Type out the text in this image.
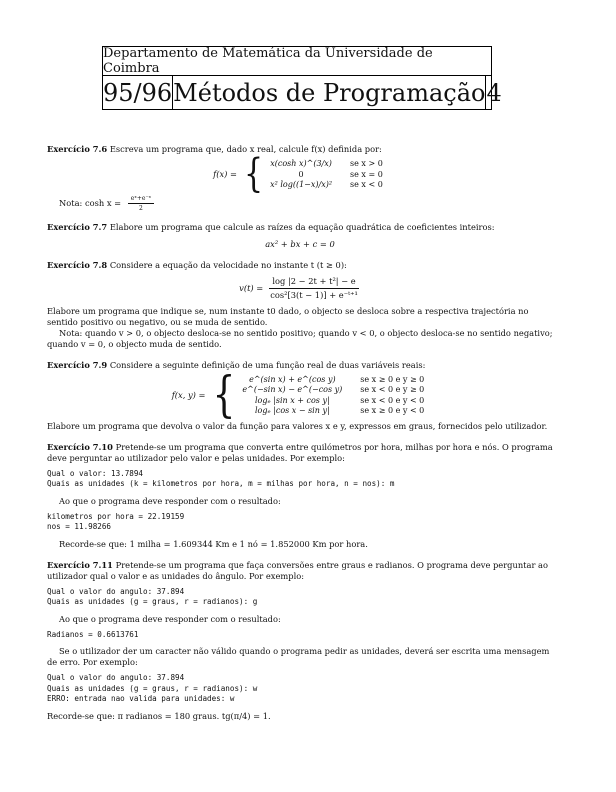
Departamento de Matemática da Universidade de Coimbra
95/96 Métodos de Programação 4

Exercício 7.6 Escreva um programa que, dado x real, calcule f(x) definida por:

f(x) = { x(cosh x)^(3/x)	se x > 0
0	se x = 0
x² log((1−x)/x)²	se x < 0

Nota: $\cosh x = \frac{\text{eˣ+e⁻ˣ}}{2}$

Exercício 7.7 Elabore um programa que calcule as raízes da equação quadrática de coeficientes inteiros:

ax² + bx + c = 0

Exercício 7.8 Considere a equação da velocidade no instante t (t ≥ 0):

$v(t) = \frac{\text{log |2 − 2t + t²| − e}}{\text{cos²[3(t − 1)] + e⁻ᵗ⁺¹}}$

Elabore um programa que indique se, num instante t0 dado, o objecto se desloca sobre a respectiva trajectória no sentido positivo ou negativo, ou se muda de sentido.

Nota: quando v > 0, o objecto desloca-se no sentido positivo; quando v < 0, o objecto desloca-se no sentido negativo; quando v = 0, o objecto muda de sentido.

Exercício 7.9 Considere a seguinte definição de uma função real de duas variáveis reais:

f(x, y) = { e^(sin x) + e^(cos y)	se x ≥ 0 e y ≥ 0
e^(−sin x) − e^(−cos y)	se x < 0 e y ≥ 0
logₑ |sin x + cos y|	se x < 0 e y < 0
logₑ |cos x − sin y|	se x ≥ 0 e y < 0

Elabore um programa que devolva o valor da função para valores x e y, expressos em graus, fornecidos pelo utilizador.

Exercício 7.10 Pretende-se um programa que converta entre quilómetros por hora, milhas por hora e nós. O programa deve perguntar ao utilizador pelo valor e pelas unidades. Por exemplo:

Qual o valor: 13.7894
Quais as unidades (k = kilometros por hora, m = milhas por hora, n = nos): m

Ao que o programa deve responder com o resultado:

kilometros por hora = 22.19159
nos = 11.98266

Recorde-se que: 1 milha = 1.609344 Km e 1 nó = 1.852000 Km por hora.

Exercício 7.11 Pretende-se um programa que faça conversões entre graus e radianos. O programa deve perguntar ao utilizador qual o valor e as unidades do ângulo. Por exemplo:

Qual o valor do angulo: 37.894
Quais as unidades (g = graus, r = radianos): g

Ao que o programa deve responder com o resultado:

Radianos = 0.6613761

Se o utilizador der um caracter não válido quando o programa pedir as unidades, deverá ser escrita uma mensagem de erro. Por exemplo:

Qual o valor do angulo: 37.894
Quais as unidades (g = graus, r = radianos): w
ERRO: entrada nao valida para unidades: w

Recorde-se que: π radianos = 180 graus. tg(π/4) = 1.
